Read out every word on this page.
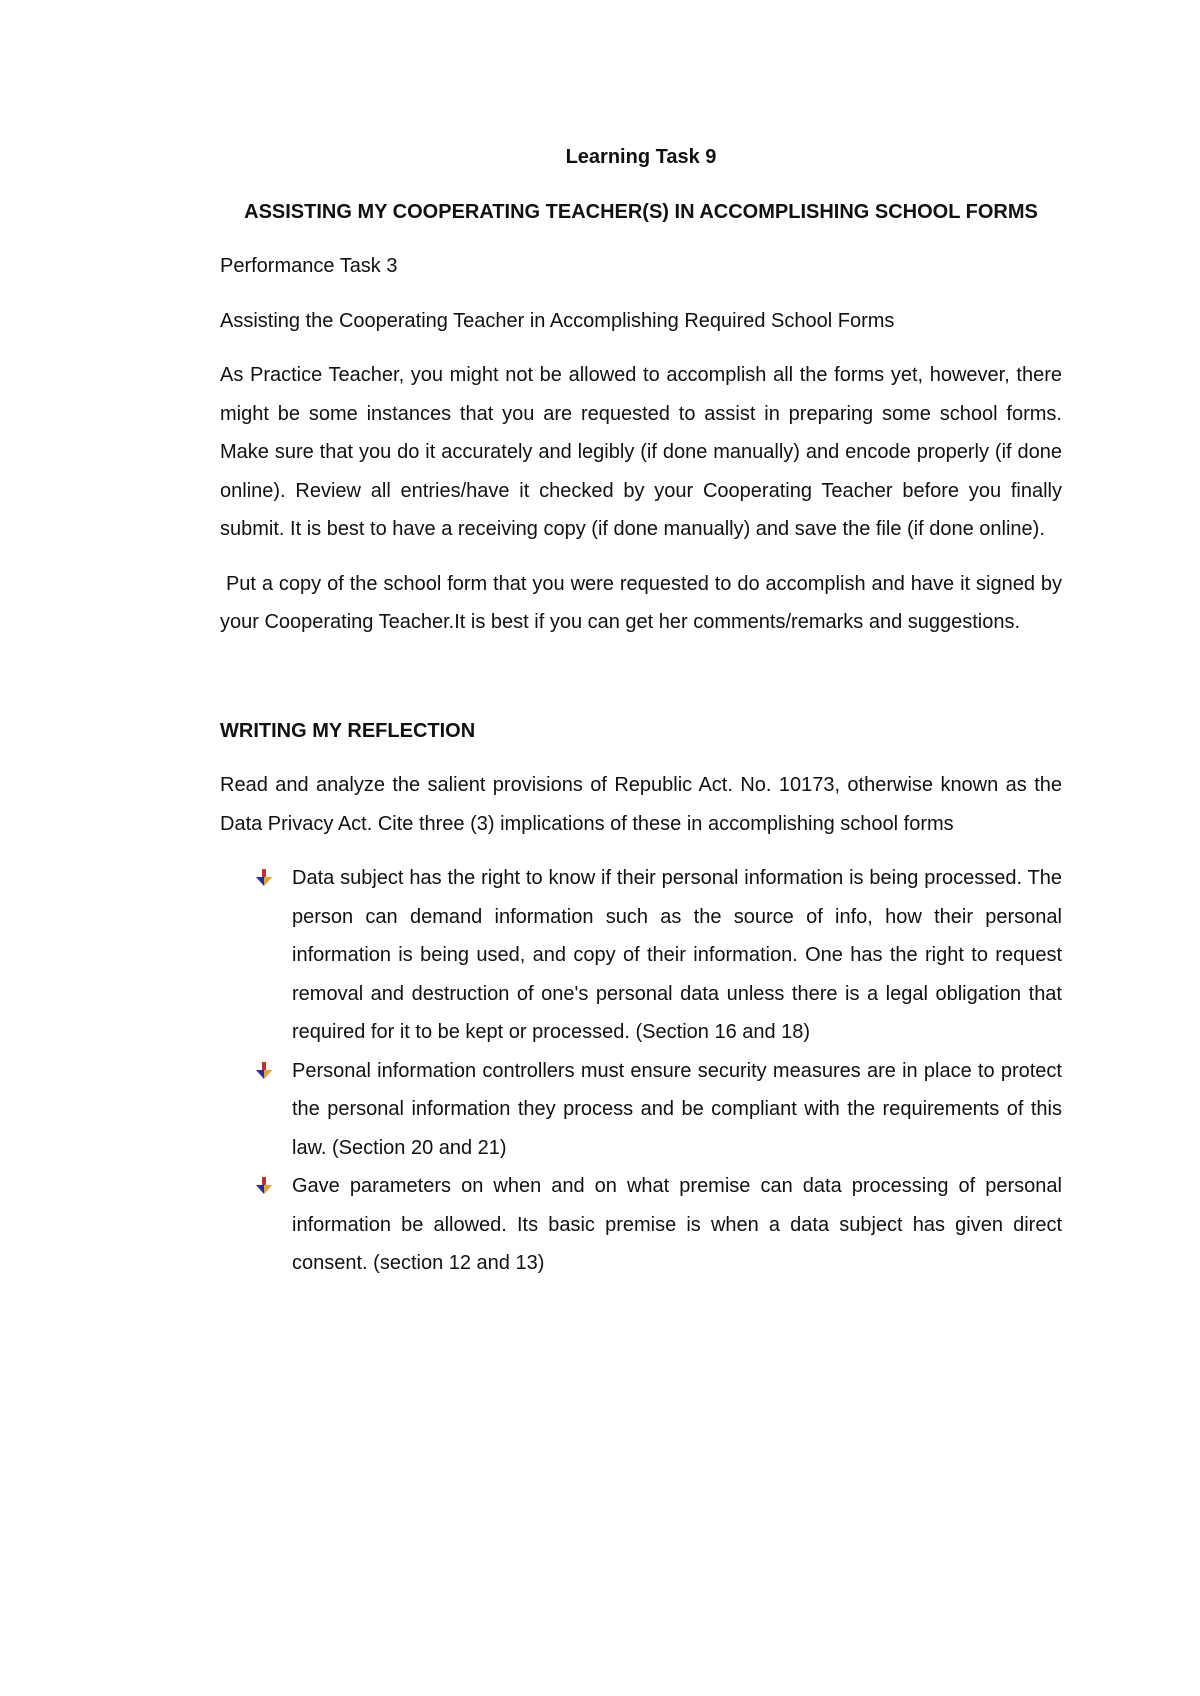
Learning Task 9

ASSISTING MY COOPERATING TEACHER(S) IN ACCOMPLISHING SCHOOL FORMS

Performance Task 3

Assisting the Cooperating Teacher in Accomplishing Required School Forms

As Practice Teacher, you might not be allowed to accomplish all the forms yet, however, there might be some instances that you are requested to assist in preparing some school forms. Make sure that you do it accurately and legibly (if done manually) and encode properly (if done online). Review all entries/have it checked by your Cooperating Teacher before you finally submit. It is best to have a receiving copy (if done manually) and save the file (if done online).

Put a copy of the school form that you were requested to do accomplish and have it signed by your Cooperating Teacher.It is best if you can get her comments/remarks and suggestions.

WRITING MY REFLECTION

Read and analyze the salient provisions of Republic Act. No. 10173, otherwise known as the Data Privacy Act. Cite three (3) implications of these in accomplishing school forms

Data subject has the right to know if their personal information is being processed. The person can demand information such as the source of info, how their personal information is being used, and copy of their information. One has the right to request removal and destruction of one's personal data unless there is a legal obligation that required for it to be kept or processed. (Section 16 and 18)
Personal information controllers must ensure security measures are in place to protect the personal information they process and be compliant with the requirements of this law. (Section 20 and 21)
Gave parameters on when and on what premise can data processing of personal information be allowed. Its basic premise is when a data subject has given direct consent. (section 12 and 13)
